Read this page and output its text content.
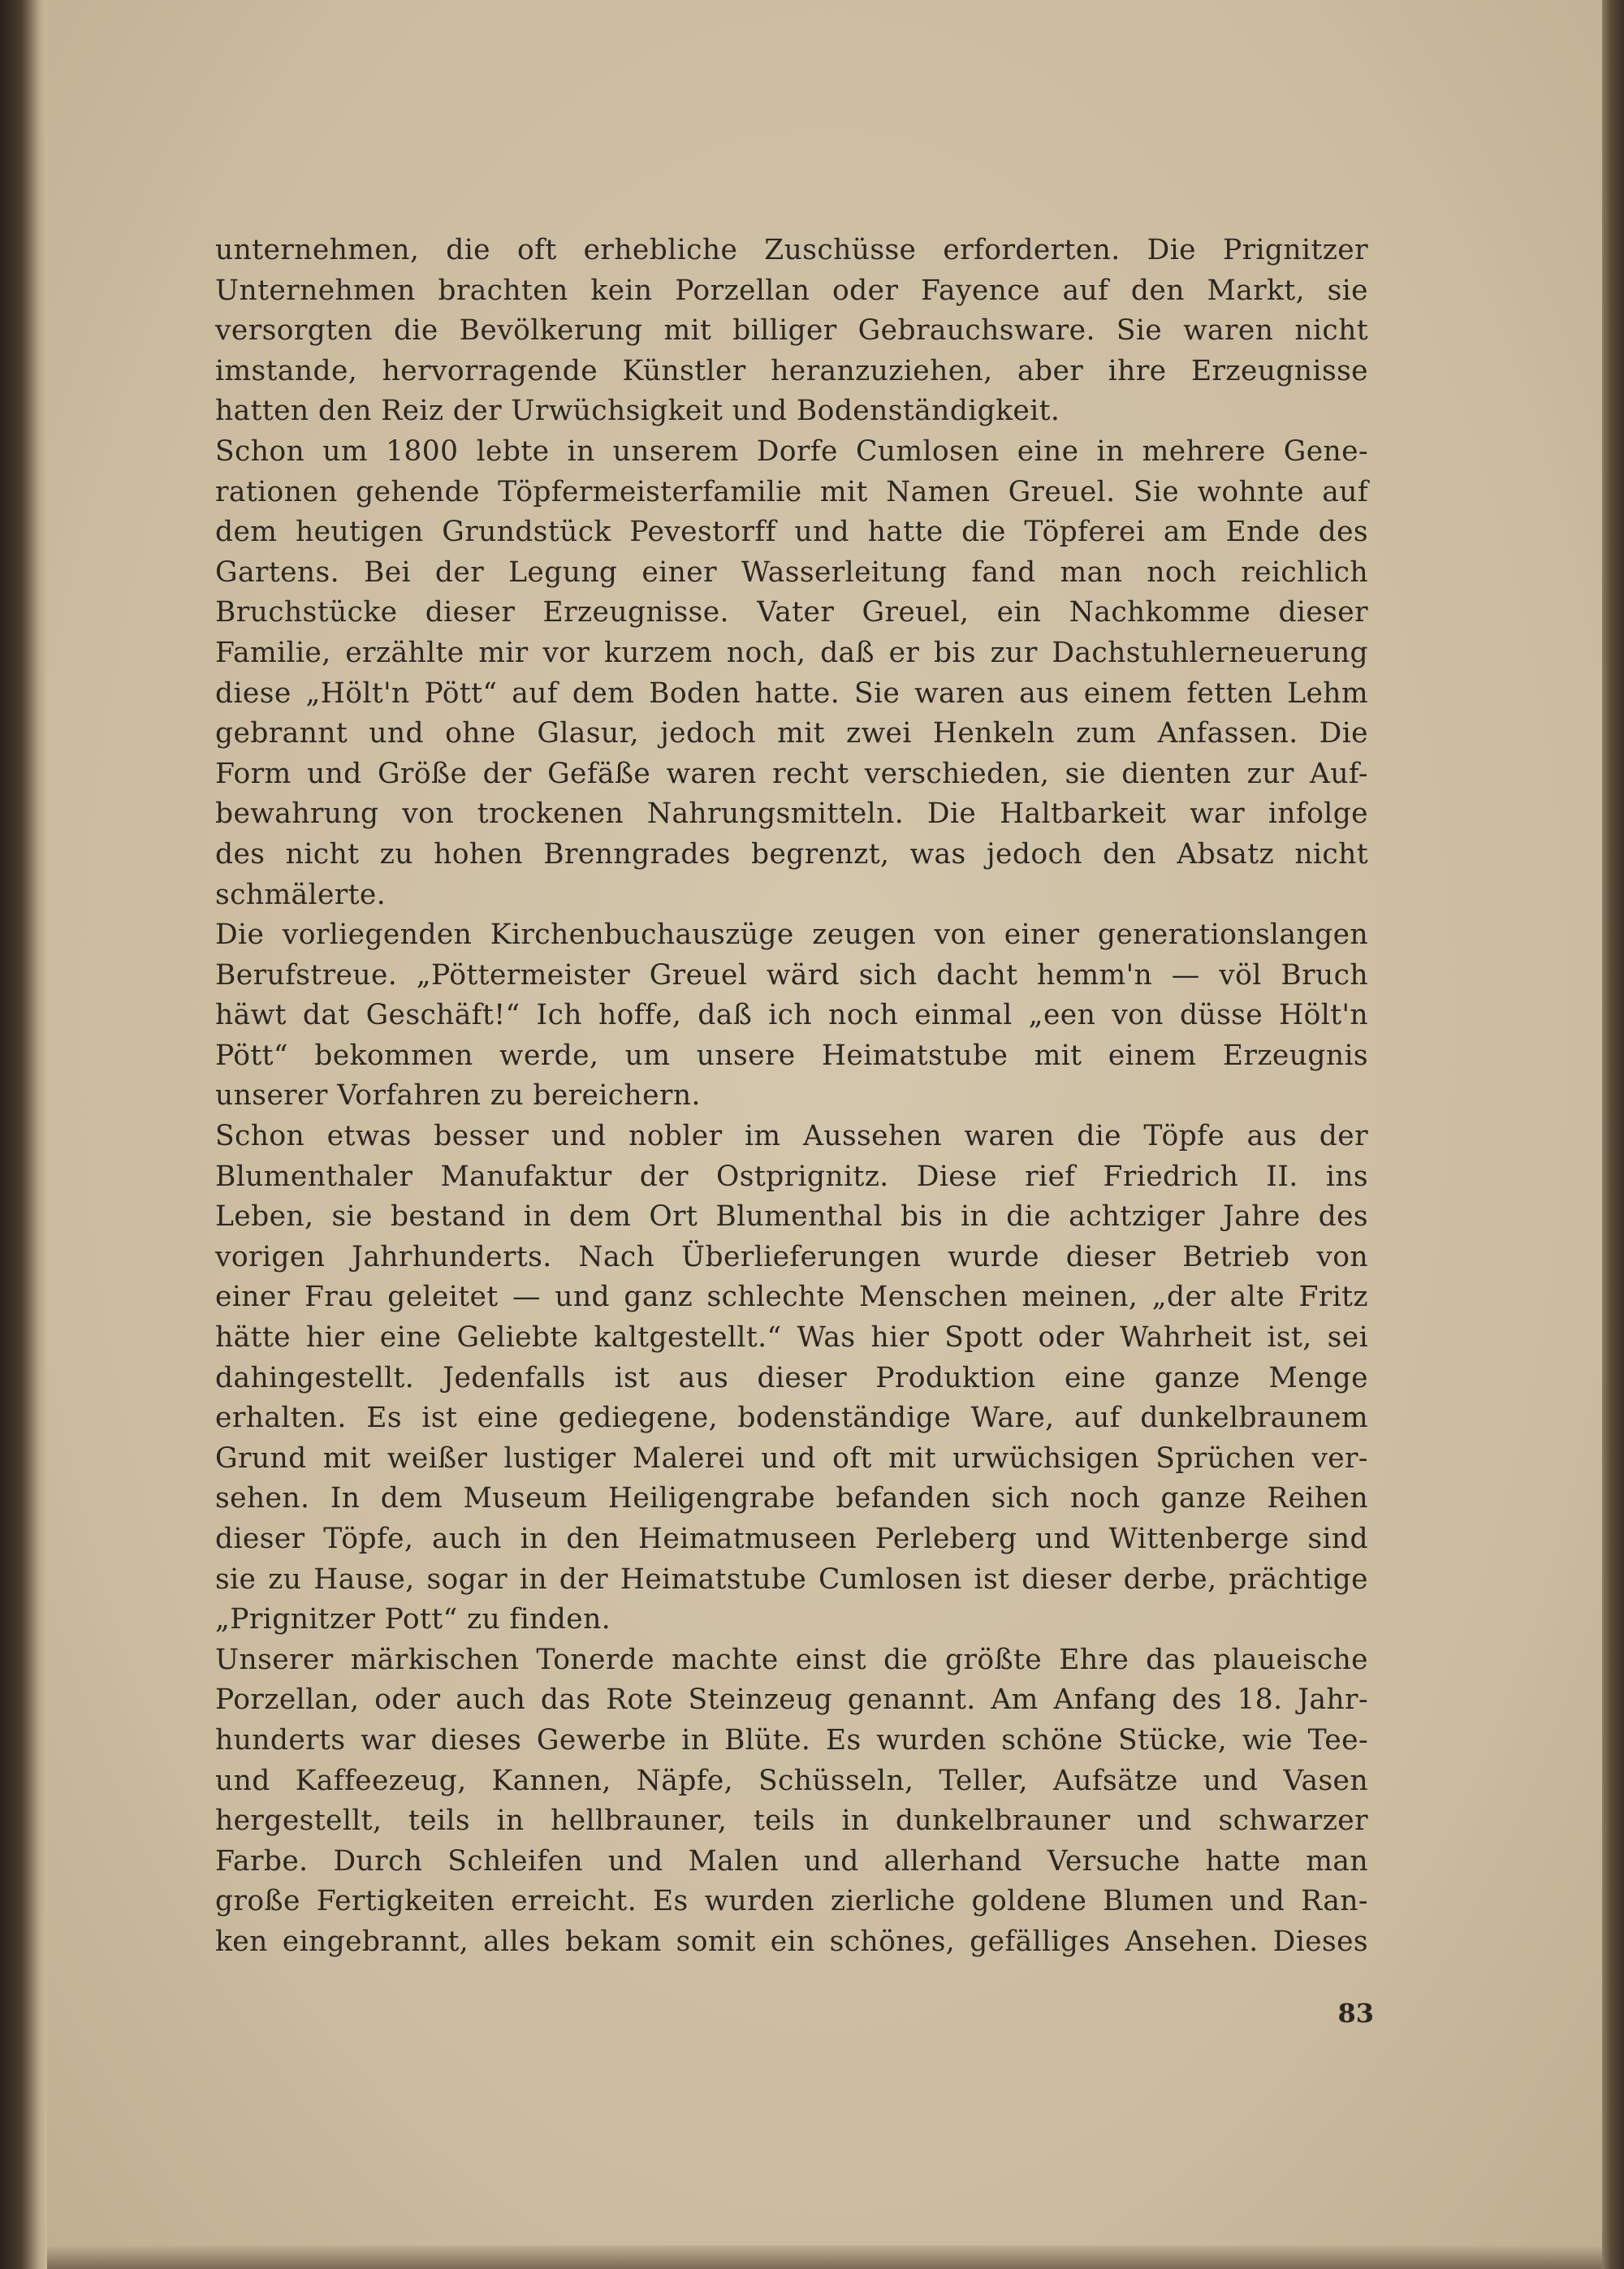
unternehmen, die oft erhebliche Zuschüsse erforderten. Die Prignitzer
Unternehmen brachten kein Porzellan oder Fayence auf den Markt, sie
versorgten die Bevölkerung mit billiger Gebrauchsware. Sie waren nicht
imstande, hervorragende Künstler heranzuziehen, aber ihre Erzeugnisse
hatten den Reiz der Urwüchsigkeit und Bodenständigkeit.
Schon um 1800 lebte in unserem Dorfe Cumlosen eine in mehrere Gene-
rationen gehende Töpfermeisterfamilie mit Namen Greuel. Sie wohnte auf
dem heutigen Grundstück Pevestorff und hatte die Töpferei am Ende des
Gartens. Bei der Legung einer Wasserleitung fand man noch reichlich
Bruchstücke dieser Erzeugnisse. Vater Greuel, ein Nachkomme dieser
Familie, erzählte mir vor kurzem noch, daß er bis zur Dachstuhlerneuerung
diese „Hölt'n Pött“ auf dem Boden hatte. Sie waren aus einem fetten Lehm
gebrannt und ohne Glasur, jedoch mit zwei Henkeln zum Anfassen. Die
Form und Größe der Gefäße waren recht verschieden, sie dienten zur Auf-
bewahrung von trockenen Nahrungsmitteln. Die Haltbarkeit war infolge
des nicht zu hohen Brenngrades begrenzt, was jedoch den Absatz nicht
schmälerte.
Die vorliegenden Kirchenbuchauszüge zeugen von einer generationslangen
Berufstreue. „Pöttermeister Greuel wärd sich dacht hemm'n — völ Bruch
häwt dat Geschäft!“ Ich hoffe, daß ich noch einmal „een von düsse Hölt'n
Pött“ bekommen werde, um unsere Heimatstube mit einem Erzeugnis
unserer Vorfahren zu bereichern.
Schon etwas besser und nobler im Aussehen waren die Töpfe aus der
Blumenthaler Manufaktur der Ostprignitz. Diese rief Friedrich II. ins
Leben, sie bestand in dem Ort Blumenthal bis in die achtziger Jahre des
vorigen Jahrhunderts. Nach Überlieferungen wurde dieser Betrieb von
einer Frau geleitet — und ganz schlechte Menschen meinen, „der alte Fritz
hätte hier eine Geliebte kaltgestellt.“ Was hier Spott oder Wahrheit ist, sei
dahingestellt. Jedenfalls ist aus dieser Produktion eine ganze Menge
erhalten. Es ist eine gediegene, bodenständige Ware, auf dunkelbraunem
Grund mit weißer lustiger Malerei und oft mit urwüchsigen Sprüchen ver-
sehen. In dem Museum Heiligengrabe befanden sich noch ganze Reihen
dieser Töpfe, auch in den Heimatmuseen Perleberg und Wittenberge sind
sie zu Hause, sogar in der Heimatstube Cumlosen ist dieser derbe, prächtige
„Prignitzer Pott“ zu finden.
Unserer märkischen Tonerde machte einst die größte Ehre das plaueische
Porzellan, oder auch das Rote Steinzeug genannt. Am Anfang des 18. Jahr-
hunderts war dieses Gewerbe in Blüte. Es wurden schöne Stücke, wie Tee-
und Kaffeezeug, Kannen, Näpfe, Schüsseln, Teller, Aufsätze und Vasen
hergestellt, teils in hellbrauner, teils in dunkelbrauner und schwarzer
Farbe. Durch Schleifen und Malen und allerhand Versuche hatte man
große Fertigkeiten erreicht. Es wurden zierliche goldene Blumen und Ran-
ken eingebrannt, alles bekam somit ein schönes, gefälliges Ansehen. Dieses
83
